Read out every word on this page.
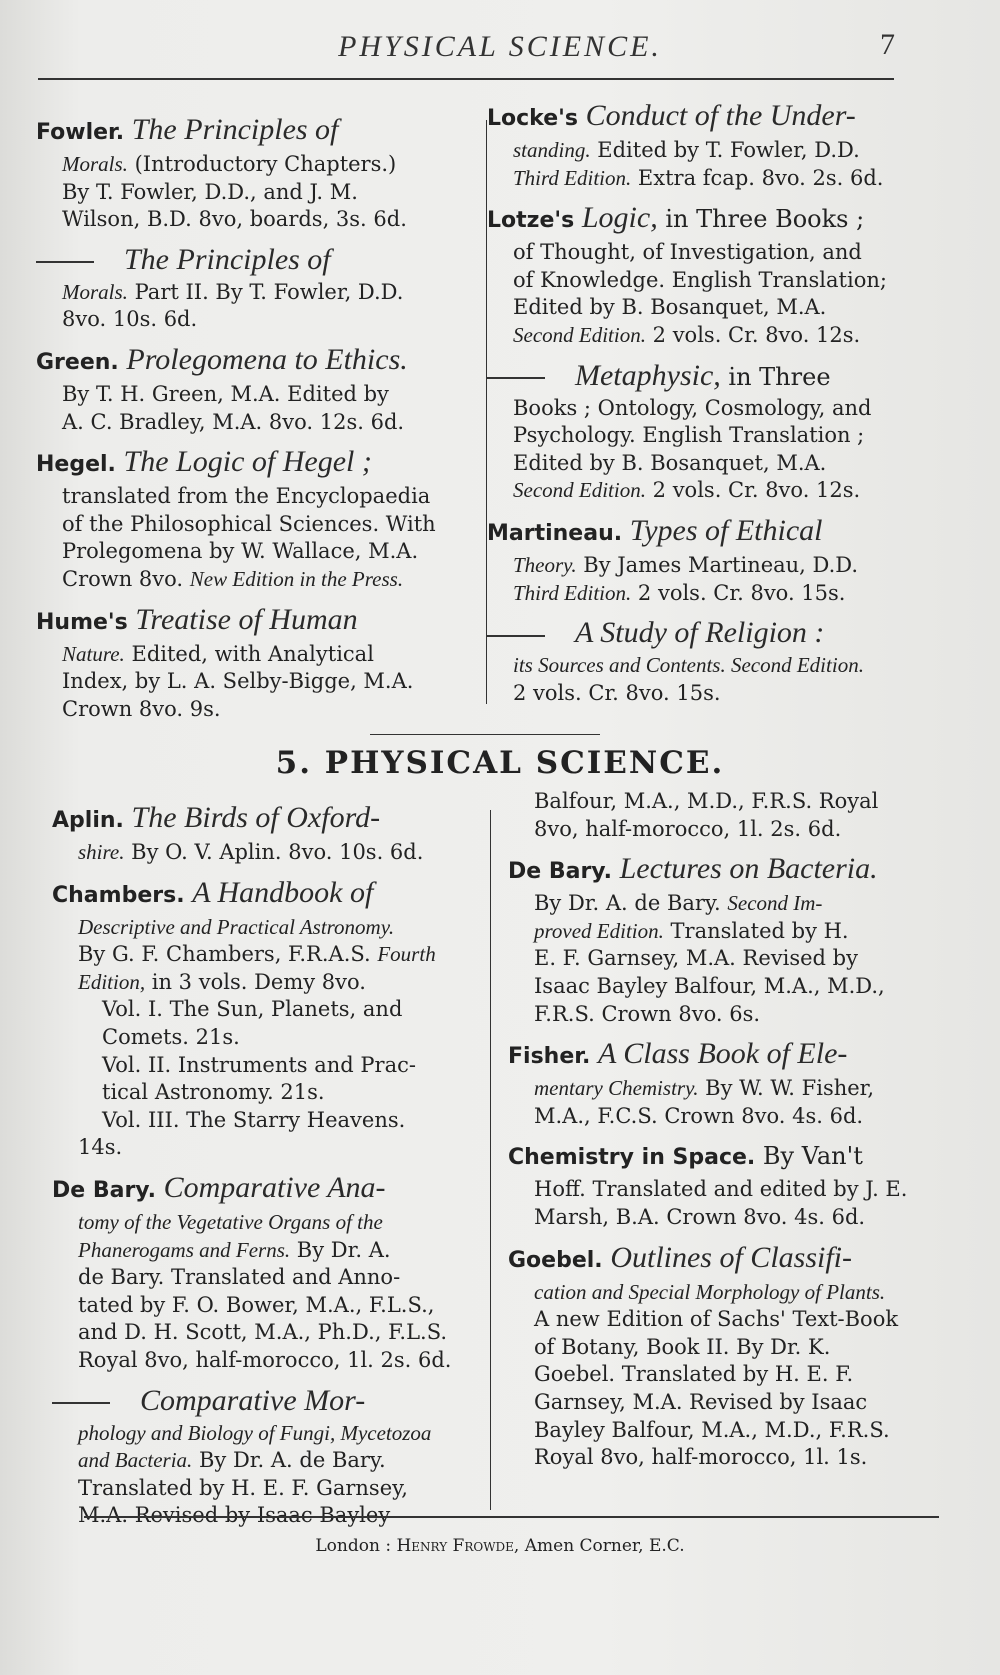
PHYSICAL SCIENCE.	7
Fowler. The Principles of

Morals. (Introductory Chapters.)

By T. Fowler, D.D., and J. M.

Wilson, B.D. 8vo, boards, 3s. 6d.

The Principles of

Morals. Part II. By T. Fowler, D.D.

8vo. 10s. 6d.

Green. Prolegomena to Ethics.

By T. H. Green, M.A. Edited by

A. C. Bradley, M.A. 8vo. 12s. 6d.

Hegel. The Logic of Hegel ;

translated from the Encyclopaedia

of the Philosophical Sciences. With

Prolegomena by W. Wallace, M.A.

Crown 8vo. New Edition in the Press.

Hume's Treatise of Human

Nature. Edited, with Analytical

Index, by L. A. Selby-Bigge, M.A.

Crown 8vo. 9s.

Locke's Conduct of the Under-

standing. Edited by T. Fowler, D.D.

Third Edition. Extra fcap. 8vo. 2s. 6d.

Lotze's Logic, in Three Books ;

of Thought, of Investigation, and

of Knowledge. English Translation;

Edited by B. Bosanquet, M.A.

Second Edition. 2 vols. Cr. 8vo. 12s.

Metaphysic, in Three

Books ; Ontology, Cosmology, and

Psychology. English Translation ;

Edited by B. Bosanquet, M.A.

Second Edition. 2 vols. Cr. 8vo. 12s.

Martineau. Types of Ethical

Theory. By James Martineau, D.D.

Third Edition. 2 vols. Cr. 8vo. 15s.

A Study of Religion :

its Sources and Contents. Second Edition.

2 vols. Cr. 8vo. 15s.

5. PHYSICAL SCIENCE.
Aplin. The Birds of Oxford-

shire. By O. V. Aplin. 8vo. 10s. 6d.

Chambers. A Handbook of

Descriptive and Practical Astronomy.

By G. F. Chambers, F.R.A.S. Fourth

Edition, in 3 vols. Demy 8vo.

Vol. I. The Sun, Planets, and

Comets. 21s.

Vol. II. Instruments and Prac-

tical Astronomy. 21s.

Vol. III. The Starry Heavens.

14s.

De Bary. Comparative Ana-

tomy of the Vegetative Organs of the

Phanerogams and Ferns. By Dr. A.

de Bary. Translated and Anno-

tated by F. O. Bower, M.A., F.L.S.,

and D. H. Scott, M.A., Ph.D., F.L.S.

Royal 8vo, half-morocco, 1l. 2s. 6d.

Comparative Mor-

phology and Biology of Fungi, Mycetozoa

and Bacteria. By Dr. A. de Bary.

Translated by H. E. F. Garnsey,

M.A. Revised by Isaac Bayley

Balfour, M.A., M.D., F.R.S. Royal

8vo, half-morocco, 1l. 2s. 6d.

De Bary. Lectures on Bacteria.

By Dr. A. de Bary. Second Im-

proved Edition. Translated by H.

E. F. Garnsey, M.A. Revised by

Isaac Bayley Balfour, M.A., M.D.,

F.R.S. Crown 8vo. 6s.

Fisher. A Class Book of Ele-

mentary Chemistry. By W. W. Fisher,

M.A., F.C.S. Crown 8vo. 4s. 6d.

Chemistry in Space. By Van't

Hoff. Translated and edited by J. E.

Marsh, B.A. Crown 8vo. 4s. 6d.

Goebel. Outlines of Classifi-

cation and Special Morphology of Plants.

A new Edition of Sachs' Text-Book

of Botany, Book II. By Dr. K.

Goebel. Translated by H. E. F.

Garnsey, M.A. Revised by Isaac

Bayley Balfour, M.A., M.D., F.R.S.

Royal 8vo, half-morocco, 1l. 1s.

London : Henry Frowde, Amen Corner, E.C.
